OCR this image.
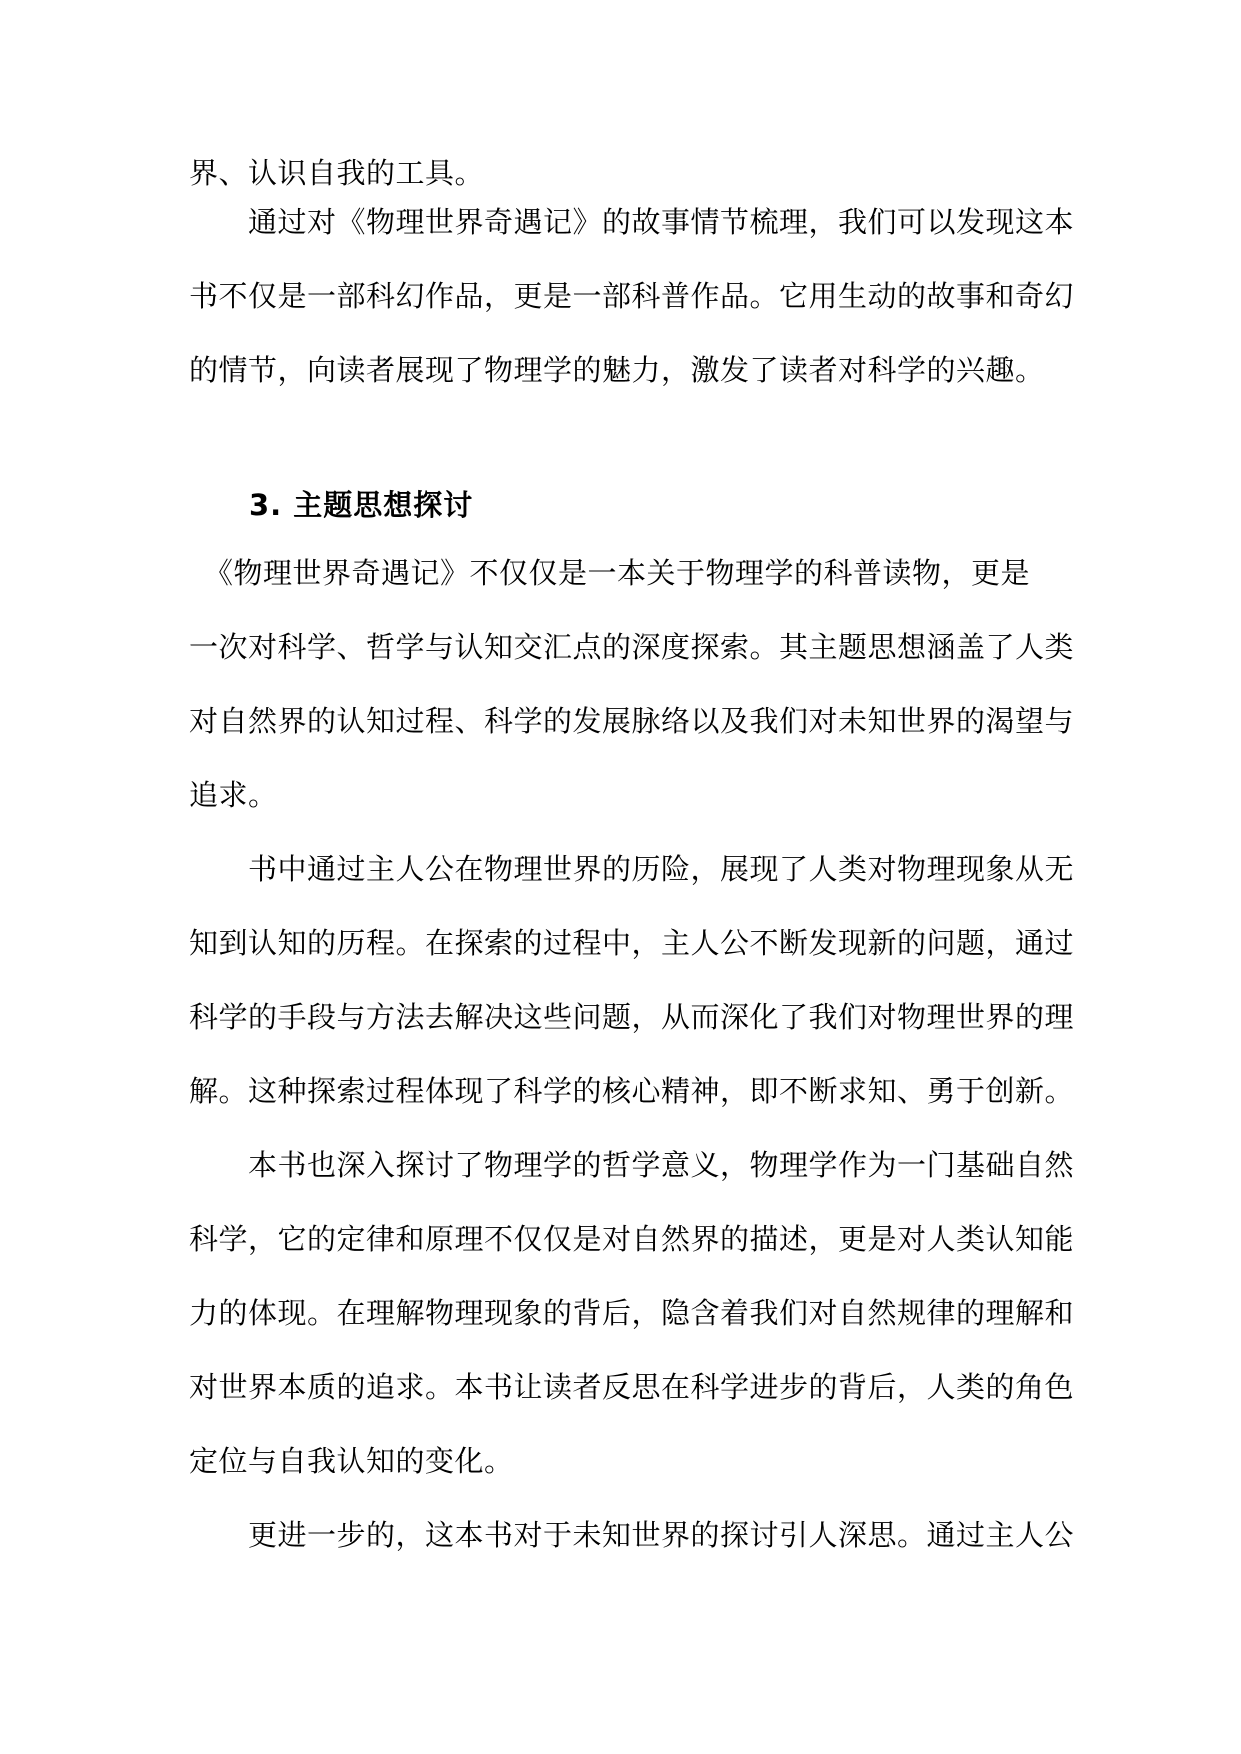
界、认识自我的工具。
　　通过对《物理世界奇遇记》的故事情节梳理，我们可以发现这本
书不仅是一部科幻作品，更是一部科普作品。它用生动的故事和奇幻
的情节，向读者展现了物理学的魅力，激发了读者对科学的兴趣。
　　3. 主题思想探讨
　《物理世界奇遇记》不仅仅是一本关于物理学的科普读物，更是
一次对科学、哲学与认知交汇点的深度探索。其主题思想涵盖了人类
对自然界的认知过程、科学的发展脉络以及我们对未知世界的渴望与
追求。
　　书中通过主人公在物理世界的历险，展现了人类对物理现象从无
知到认知的历程。在探索的过程中，主人公不断发现新的问题，通过
科学的手段与方法去解决这些问题，从而深化了我们对物理世界的理
解。这种探索过程体现了科学的核心精神，即不断求知、勇于创新。
　　本书也深入探讨了物理学的哲学意义，物理学作为一门基础自然
科学，它的定律和原理不仅仅是对自然界的描述，更是对人类认知能
力的体现。在理解物理现象的背后，隐含着我们对自然规律的理解和
对世界本质的追求。本书让读者反思在科学进步的背后，人类的角色
定位与自我认知的变化。
　　更进一步的，这本书对于未知世界的探讨引人深思。通过主人公
